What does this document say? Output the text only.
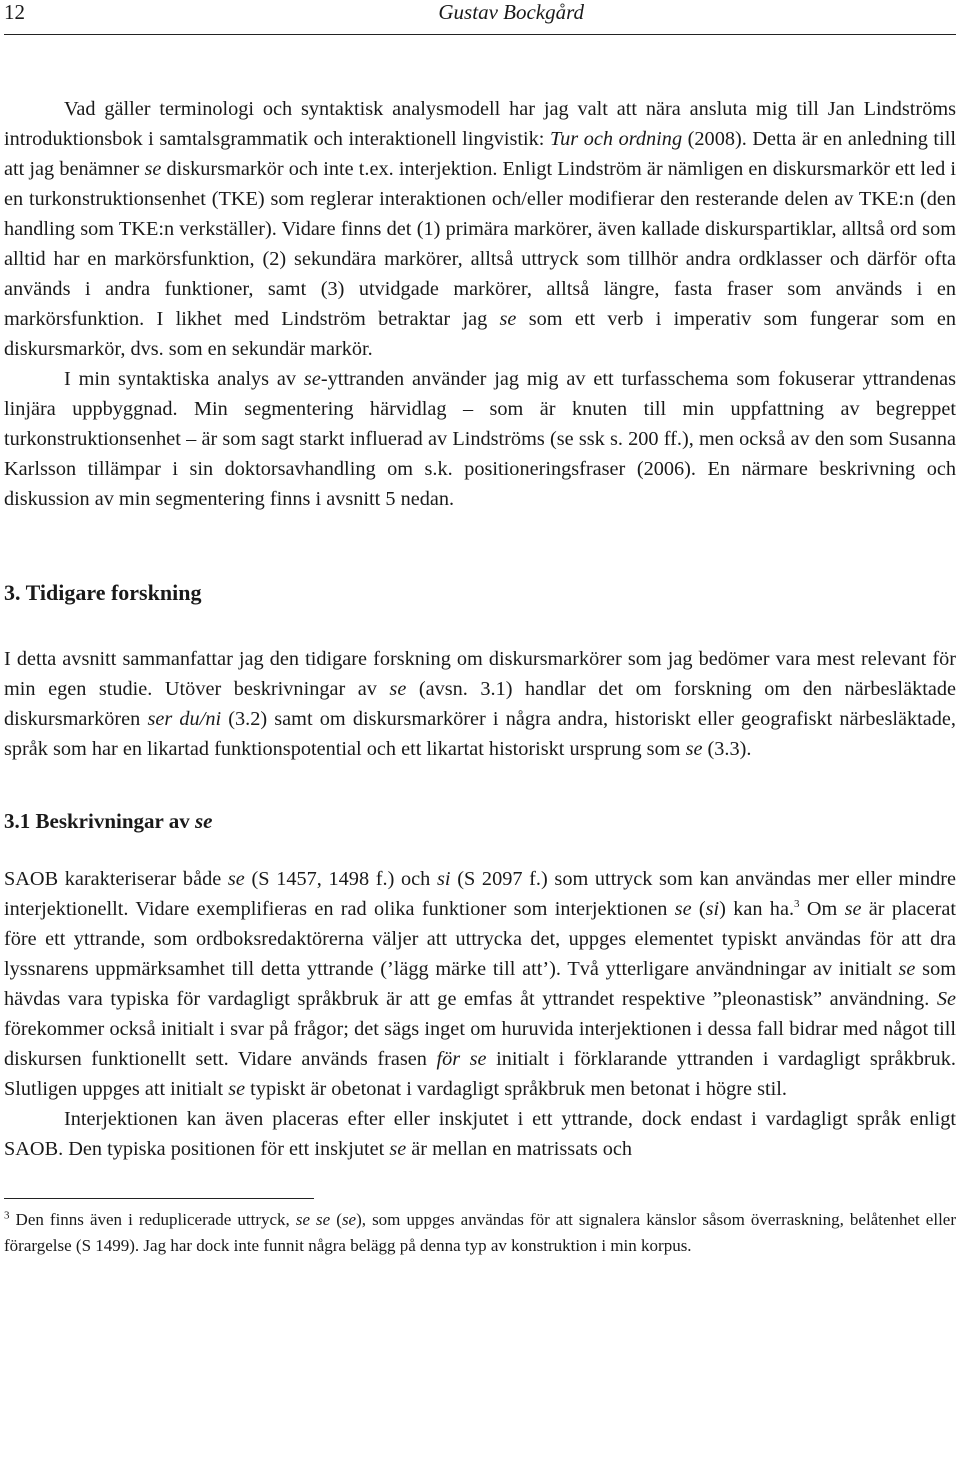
12	Gustav Bockgård

Vad gäller terminologi och syntaktisk analysmodell har jag valt att nära ansluta mig till Jan Lindströms introduktionsbok i samtalsgrammatik och interaktionell lingvistik: Tur och ordning (2008). Detta är en anledning till att jag benämner se diskursmarkör och inte t.ex. interjektion. Enligt Lindström är nämligen en diskursmarkör ett led i en turkonstruktionsenhet (TKE) som reglerar interaktionen och/eller modifierar den resterande delen av TKE:n (den handling som TKE:n verkställer). Vidare finns det (1) primära markörer, även kallade diskurspartiklar, alltså ord som alltid har en markörsfunktion, (2) sekundära markörer, alltså uttryck som tillhör andra ordklasser och därför ofta används i andra funktioner, samt (3) utvidgade markörer, alltså längre, fasta fraser som används i en markörsfunktion. I likhet med Lindström betraktar jag se som ett verb i imperativ som fungerar som en diskursmarkör, dvs. som en sekundär markör.

I min syntaktiska analys av se-yttranden använder jag mig av ett turfasschema som fokuserar yttrandenas linjära uppbyggnad. Min segmentering härvidlag – som är knuten till min uppfattning av begreppet turkonstruktionsenhet – är som sagt starkt influerad av Lindströms (se ssk s. 200 ff.), men också av den som Susanna Karlsson tillämpar i sin doktorsavhandling om s.k. positioneringsfraser (2006). En närmare beskrivning och diskussion av min segmentering finns i avsnitt 5 nedan.

3. Tidigare forskning

I detta avsnitt sammanfattar jag den tidigare forskning om diskursmarkörer som jag bedömer vara mest relevant för min egen studie. Utöver beskrivningar av se (avsn. 3.1) handlar det om forskning om den närbesläktade diskursmarkören ser du/ni (3.2) samt om diskursmarkörer i några andra, historiskt eller geografiskt närbesläktade, språk som har en likartad funktionspotential och ett likartat historiskt ursprung som se (3.3).

3.1 Beskrivningar av se

SAOB karakteriserar både se (S 1457, 1498 f.) och si (S 2097 f.) som uttryck som kan användas mer eller mindre interjektionellt. Vidare exemplifieras en rad olika funktioner som interjektionen se (si) kan ha.$^3$ Om se är placerat före ett yttrande, som ordboksredaktörerna väljer att uttrycka det, uppges elementet typiskt användas för att dra lyssnarens uppmärksamhet till detta yttrande (’lägg märke till att’). Två ytterligare användningar av initialt se som hävdas vara typiska för vardagligt språkbruk är att ge emfas åt yttrandet respektive ”pleonastisk” användning. Se förekommer också initialt i svar på frågor; det sägs inget om huruvida interjektionen i dessa fall bidrar med något till diskursen funktionellt sett. Vidare används frasen för se initialt i förklarande yttranden i vardagligt språkbruk. Slutligen uppges att initialt se typiskt är obetonat i vardagligt språkbruk men betonat i högre stil.

Interjektionen kan även placeras efter eller inskjutet i ett yttrande, dock endast i vardagligt språk enligt SAOB. Den typiska positionen för ett inskjutet se är mellan en matrissats och

$^3$ Den finns även i reduplicerade uttryck, se se (se), som uppges användas för att signalera känslor såsom överraskning, belåtenhet eller förargelse (S 1499). Jag har dock inte funnit några belägg på denna typ av konstruktion i min korpus.
